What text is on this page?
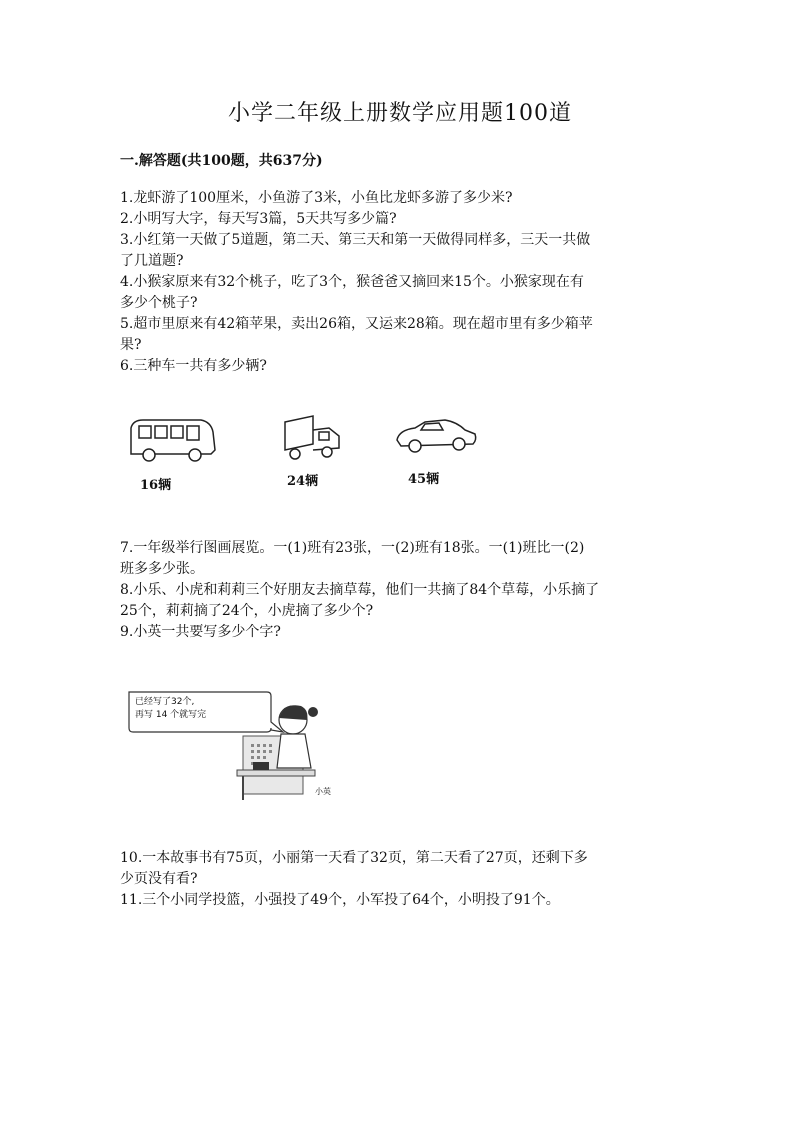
小学二年级上册数学应用题100道
一.解答题(共100题，共637分)
1.龙虾游了100厘米，小鱼游了3米，小鱼比龙虾多游了多少米?
2.小明写大字，每天写3篇，5天共写多少篇?
3.小红第一天做了5道题，第二天、第三天和第一天做得同样多，三天一共做
了几道题?
4.小猴家原来有32个桃子，吃了3个，猴爸爸又摘回来15个。小猴家现在有
多少个桃子?
5.超市里原来有42箱苹果，卖出26箱，又运来28箱。现在超市里有多少箱苹
果?
6.三种车一共有多少辆?
16辆	24辆	45辆
7.一年级举行图画展览。一(1)班有23张，一(2)班有18张。一(1)班比一(2)
班多多少张。
8.小乐、小虎和莉莉三个好朋友去摘草莓，他们一共摘了84个草莓，小乐摘了
25个，莉莉摘了24个，小虎摘了多少个?
9.小英一共要写多少个字?
已经写了32个,
再写 14 个就写完
小英
10.一本故事书有75页，小丽第一天看了32页，第二天看了27页，还剩下多
少页没有看?
11.三个小同学投篮，小强投了49个，小军投了64个，小明投了91个。
